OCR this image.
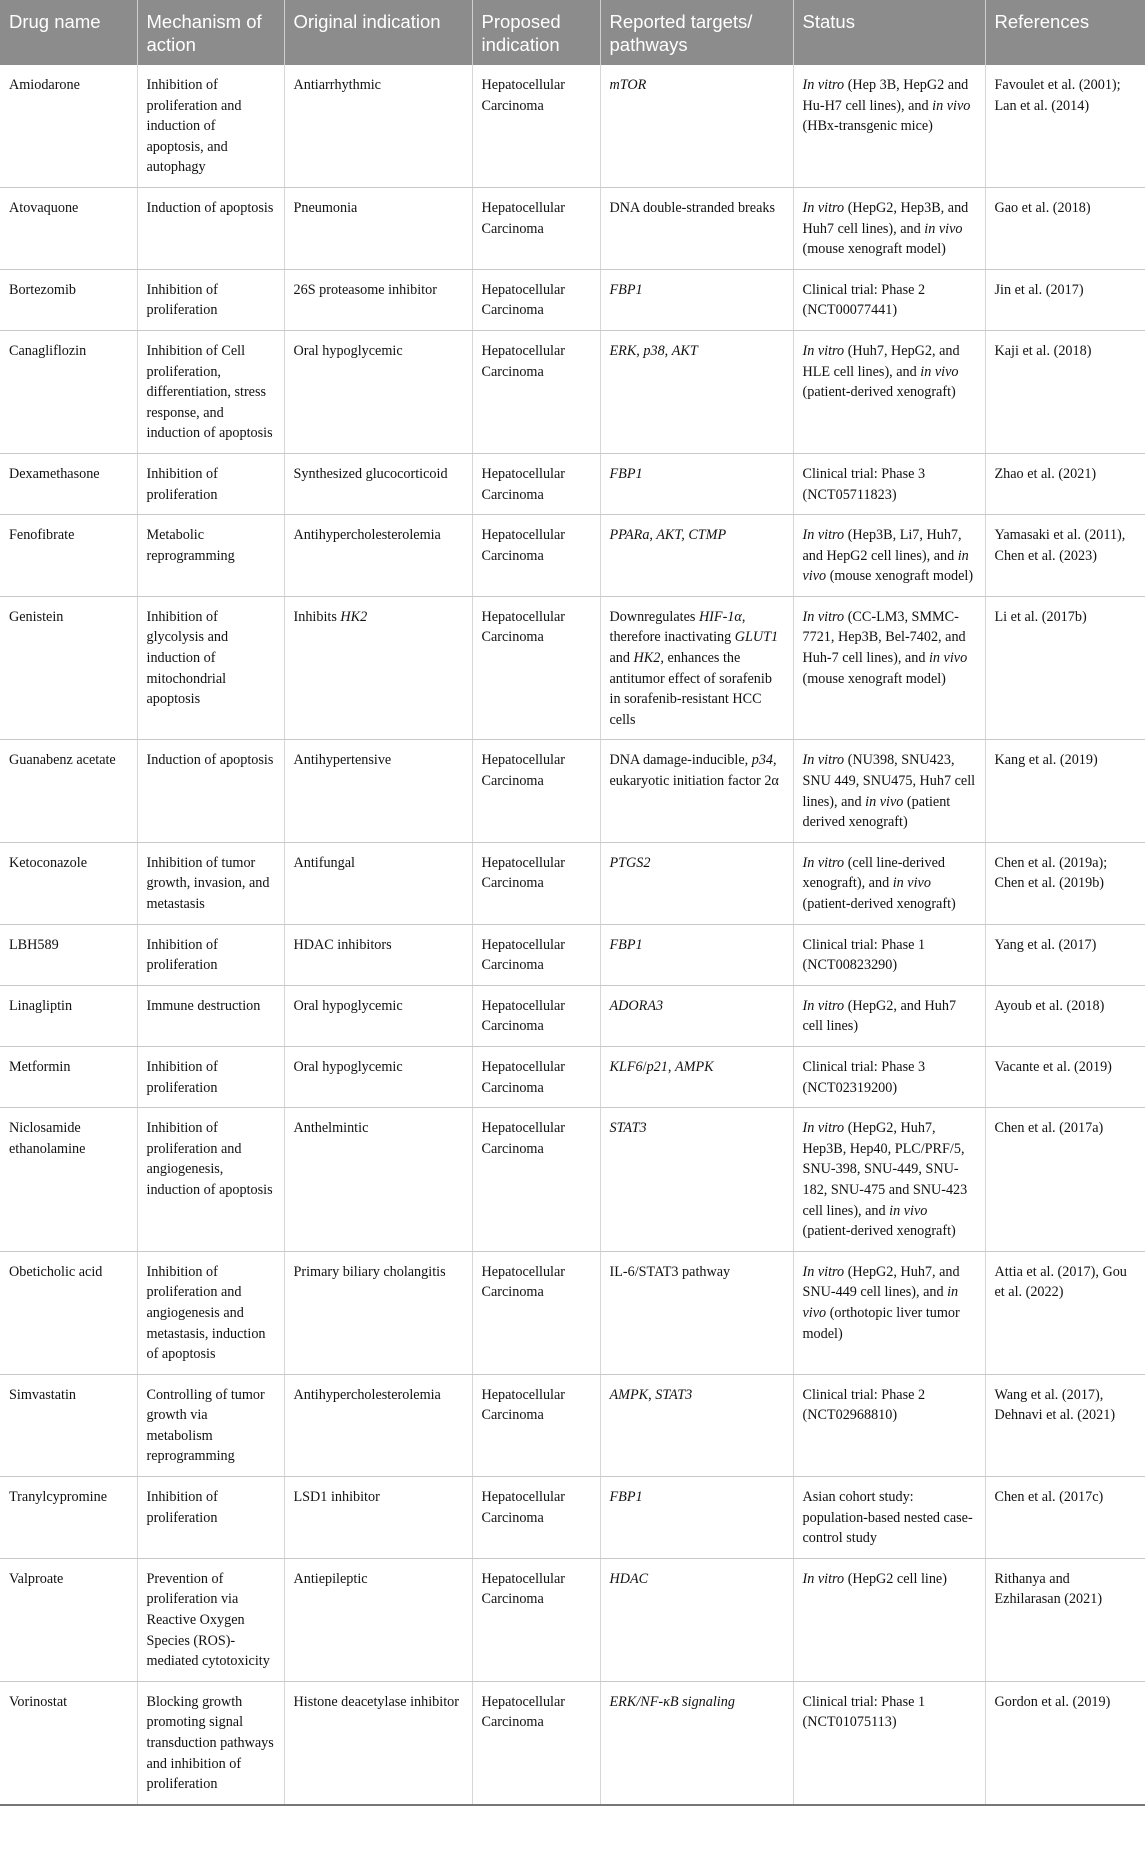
Drug name	Mechanism of action	Original indication	Proposed indication	Reported targets/ pathways	Status	References
Amiodarone	Inhibition of proliferation and induction of apoptosis, and autophagy	Antiarrhythmic	Hepatocellular Carcinoma	mTOR	In vitro (Hep 3B, HepG2 and Hu-H7 cell lines), and in vivo (HBx-transgenic mice)	Favoulet et al. (2001); Lan et al. (2014)
Atovaquone	Induction of apoptosis	Pneumonia	Hepatocellular Carcinoma	DNA double-stranded breaks	In vitro (HepG2, Hep3B, and Huh7 cell lines), and in vivo (mouse xenograft model)	Gao et al. (2018)
Bortezomib	Inhibition of proliferation	26S proteasome inhibitor	Hepatocellular Carcinoma	FBP1	Clinical trial: Phase 2 (NCT00077441)	Jin et al. (2017)
Canagliflozin	Inhibition of Cell proliferation, differentiation, stress response, and induction of apoptosis	Oral hypoglycemic	Hepatocellular Carcinoma	ERK, p38, AKT	In vitro (Huh7, HepG2, and HLE cell lines), and in vivo (patient-derived xenograft)	Kaji et al. (2018)
Dexamethasone	Inhibition of proliferation	Synthesized glucocorticoid	Hepatocellular Carcinoma	FBP1	Clinical trial: Phase 3 (NCT05711823)	Zhao et al. (2021)
Fenofibrate	Metabolic reprogramming	Antihypercholesterolemia	Hepatocellular Carcinoma	PPARa, AKT, CTMP	In vitro (Hep3B, Li7, Huh7, and HepG2 cell lines), and in vivo (mouse xenograft model)	Yamasaki et al. (2011), Chen et al. (2023)
Genistein	Inhibition of glycolysis and induction of mitochondrial apoptosis	Inhibits HK2	Hepatocellular Carcinoma	Downregulates HIF-1α, therefore inactivating GLUT1 and HK2, enhances the antitumor effect of sorafenib in sorafenib-resistant HCC cells	In vitro (CC-LM3, SMMC-7721, Hep3B, Bel-7402, and Huh-7 cell lines), and in vivo (mouse xenograft model)	Li et al. (2017b)
Guanabenz acetate	Induction of apoptosis	Antihypertensive	Hepatocellular Carcinoma	DNA damage-inducible, p34, eukaryotic initiation factor 2α	In vitro (NU398, SNU423, SNU 449, SNU475, Huh7 cell lines), and in vivo (patient derived xenograft)	Kang et al. (2019)
Ketoconazole	Inhibition of tumor growth, invasion, and metastasis	Antifungal	Hepatocellular Carcinoma	PTGS2	In vitro (cell line-derived xenograft), and in vivo (patient-derived xenograft)	Chen et al. (2019a); Chen et al. (2019b)
LBH589	Inhibition of proliferation	HDAC inhibitors	Hepatocellular Carcinoma	FBP1	Clinical trial: Phase 1 (NCT00823290)	Yang et al. (2017)
Linagliptin	Immune destruction	Oral hypoglycemic	Hepatocellular Carcinoma	ADORA3	In vitro (HepG2, and Huh7 cell lines)	Ayoub et al. (2018)
Metformin	Inhibition of proliferation	Oral hypoglycemic	Hepatocellular Carcinoma	KLF6/p21, AMPK	Clinical trial: Phase 3 (NCT02319200)	Vacante et al. (2019)
Niclosamide ethanolamine	Inhibition of proliferation and angiogenesis, induction of apoptosis	Anthelmintic	Hepatocellular Carcinoma	STAT3	In vitro (HepG2, Huh7, Hep3B, Hep40, PLC/PRF/5, SNU-398, SNU-449, SNU-182, SNU-475 and SNU-423 cell lines), and in vivo (patient-derived xenograft)	Chen et al. (2017a)
Obeticholic acid	Inhibition of proliferation and angiogenesis and metastasis, induction of apoptosis	Primary biliary cholangitis	Hepatocellular Carcinoma	IL-6/STAT3 pathway	In vitro (HepG2, Huh7, and SNU-449 cell lines), and in vivo (orthotopic liver tumor model)	Attia et al. (2017), Gou et al. (2022)
Simvastatin	Controlling of tumor growth via metabolism reprogramming	Antihypercholesterolemia	Hepatocellular Carcinoma	AMPK, STAT3	Clinical trial: Phase 2 (NCT02968810)	Wang et al. (2017), Dehnavi et al. (2021)
Tranylcypromine	Inhibition of proliferation	LSD1 inhibitor	Hepatocellular Carcinoma	FBP1	Asian cohort study: population-based nested case-control study	Chen et al. (2017c)
Valproate	Prevention of proliferation via Reactive Oxygen Species (ROS)-mediated cytotoxicity	Antiepileptic	Hepatocellular Carcinoma	HDAC	In vitro (HepG2 cell line)	Rithanya and Ezhilarasan (2021)
Vorinostat	Blocking growth promoting signal transduction pathways and inhibition of proliferation	Histone deacetylase inhibitor	Hepatocellular Carcinoma	ERK/NF-κB signaling	Clinical trial: Phase 1 (NCT01075113)	Gordon et al. (2019)
